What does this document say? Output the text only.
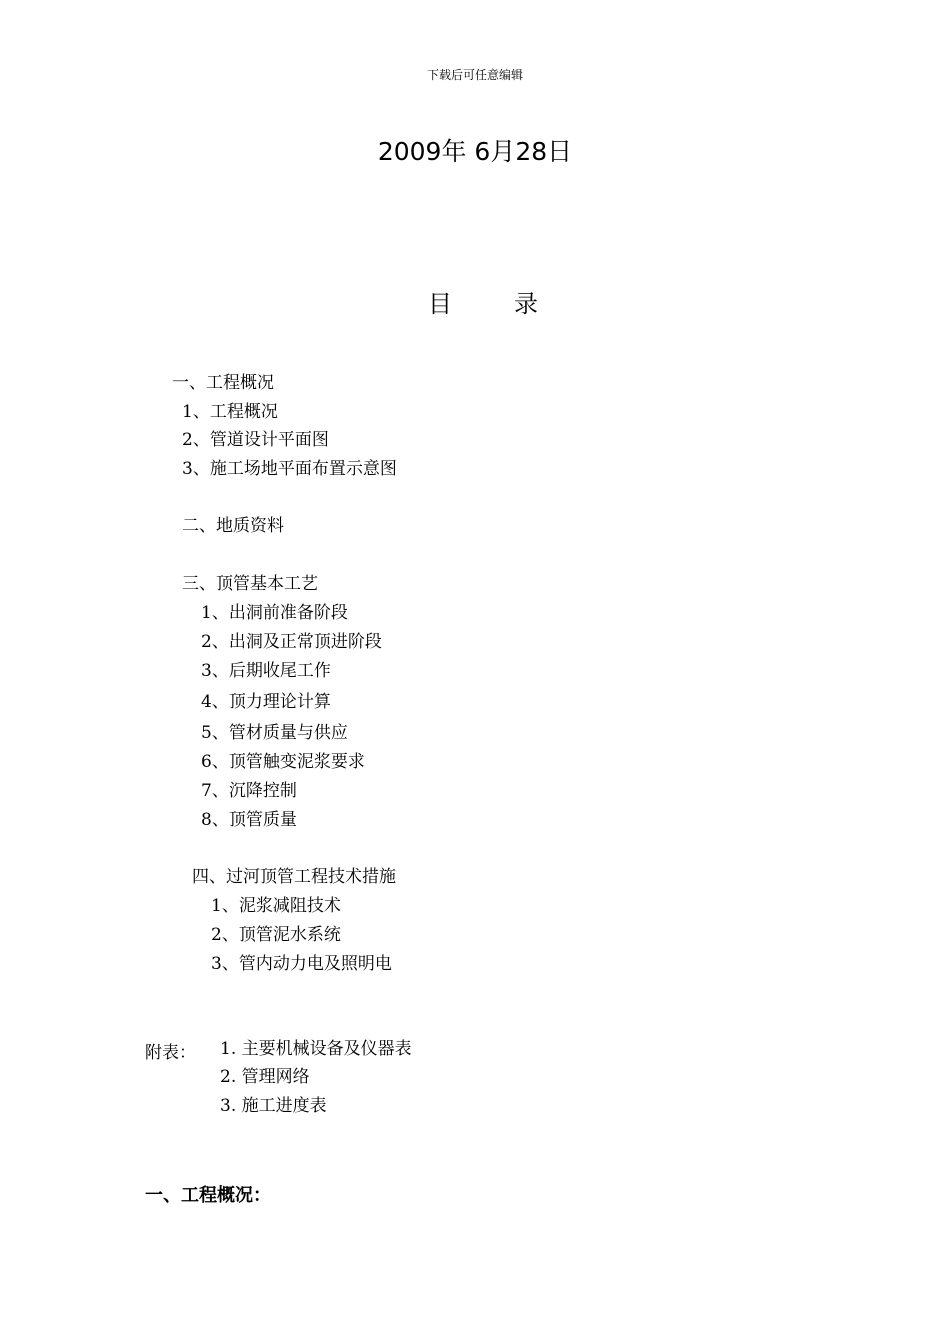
下载后可任意编辑
2009年 6月28日
目	录
一、工程概况
1、工程概况
2、管道设计平面图
3、施工场地平面布置示意图
二、地质资料
三、顶管基本工艺
1、出洞前准备阶段
2、出洞及正常顶进阶段
3、后期收尾工作
4、顶力理论计算
5、管材质量与供应
6、顶管触变泥浆要求
7、沉降控制
8、顶管质量
四、过河顶管工程技术措施
1、泥浆减阻技术
2、顶管泥水系统
3、管内动力电及照明电
附表： 1. 主要机械设备及仪器表
2. 管理网络
3. 施工进度表
一、工程概况：
